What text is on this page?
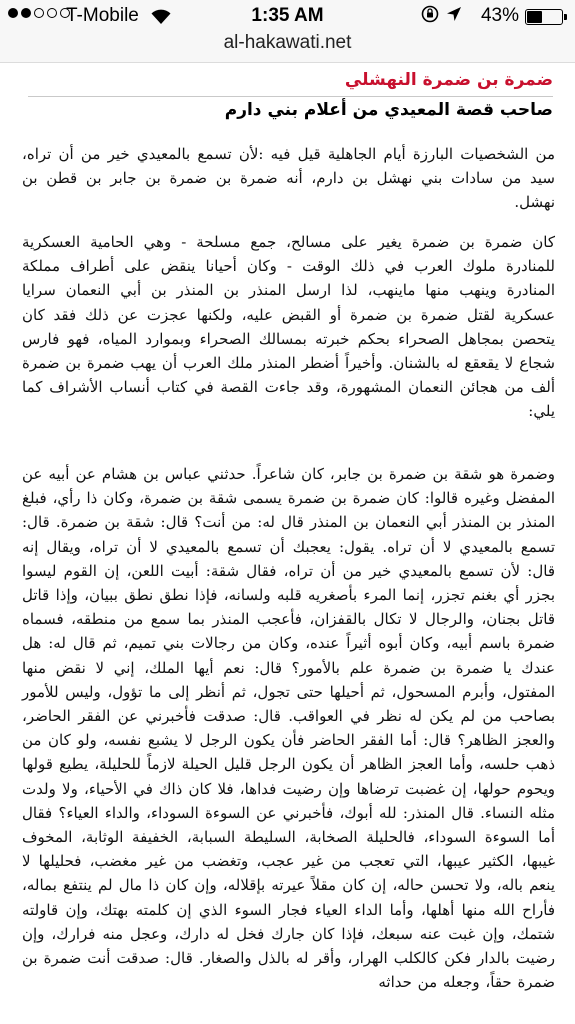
T-Mobile	1:35 AM	43%
al-hakawati.net
ضمرة بن ضمرة النهشلي
صاحب قصة المعيدي من أعلام بني دارم

من الشخصيات البارزة أيام الجاهلية قيل فيه :لأن تسمع بالمعيدي خير من أن تراه، سيد من سادات بني نهشل بن دارم، أنه ضمرة بن ضمرة بن جابر بن قطن بن نهشل.

كان ضمرة بن ضمرة يغير على مسالح، جمع مسلحة - وهي الحامية العسكرية للمنادرة ملوك العرب في ذلك الوقت - وكان أحيانا ينقض على أطراف مملكة المنادرة وينهب منها ماينهب، لذا ارسل المنذر بن المنذر بن أبي النعمان سرايا عسكرية لقتل ضمرة بن ضمرة أو القبض عليه، ولكنها عجزت عن ذلك فقد كان يتحصن بمجاهل الصحراء بحكم خبرته بمسالك الصحراء وبموارد المياه، فهو فارس شجاع لا يقعقع له بالشنان. وأخيراً أضطر المنذر ملك العرب أن يهب ضمرة بن ضمرة ألف من هجائن النعمان المشهورة، وقد جاءت القصة في كتاب أنساب الأشراف كما يلي:

وضمرة هو شقة بن ضمرة بن جابر، كان شاعراً. حدثني عباس بن هشام عن أبيه عن المفضل وغيره قالوا: كان ضمرة بن ضمرة يسمى شقة بن ضمرة، وكان ذا رأي، فبلغ المنذر بن المنذر أبي النعمان بن المنذر قال له: من أنت؟ قال: شقة بن ضمرة. قال: تسمع بالمعيدي لا أن تراه. يقول: يعجبك أن تسمع بالمعيدي لا أن تراه، ويقال إنه قال: لأن تسمع بالمعيدي خير من أن تراه، فقال شقة: أبيت اللعن، إن القوم ليسوا بجزر أي بغنم تجزر، إنما المرء بأصغريه قلبه ولسانه، فإذا نطق نطق ببيان، وإذا قاتل قاتل بجنان، والرجال لا تكال بالقفزان، فأعجب المنذر بما سمع من منطقه، فسماه ضمرة باسم أبيه، وكان أبوه أثيراً عنده، وكان من رجالات بني تميم، ثم قال له: هل عندك يا ضمرة بن ضمرة علم بالأمور؟ قال: نعم أيها الملك، إني لا نقض منها المفتول، وأبرم المسحول، ثم أحيلها حتى تجول، ثم أنظر إلى ما تؤول، وليس للأمور بصاحب من لم يكن له نظر في العواقب. قال: صدقت فأخبرني عن الفقر الحاضر، والعجز الظاهر؟ قال: أما الفقر الحاضر فأن يكون الرجل لا يشبع نفسه، ولو كان من ذهب حلسه، وأما العجز الظاهر أن يكون الرجل قليل الحيلة لازماً للحليلة، يطيع قولها ويحوم حولها، إن غضبت ترضاها وإن رضيت فداها، فلا كان ذاك في الأحياء، ولا ولدت مثله النساء. قال المنذر: لله أبوك، فأخبرني عن السوءة السوداء، والداء العياء؟ فقال أما السوءة السوداء، فالحليلة الصخابة، السليطة السبابة، الخفيفة الوثابة، المخوف غيبها، الكثير عيبها، التي تعجب من غير عجب، وتغضب من غير مغضب، فحليلها لا ينعم باله، ولا تحسن حاله، إن كان مقلاً عيرته بإقلاله، وإن كان ذا مال لم ينتفع بماله، فأراح الله منها أهلها، وأما الداء العياء فجار السوء الذي إن كلمته بهتك، وإن قاولته شتمك، وإن غبت عنه سبعك، فإذا كان جارك فخل له دارك، وعجل منه فرارك، وإن رضيت بالدار فكن كالكلب الهرار، وأقر له بالذل والصغار. قال: صدقت أنت ضمرة بن ضمرة حقاً، وجعله من حداثه
